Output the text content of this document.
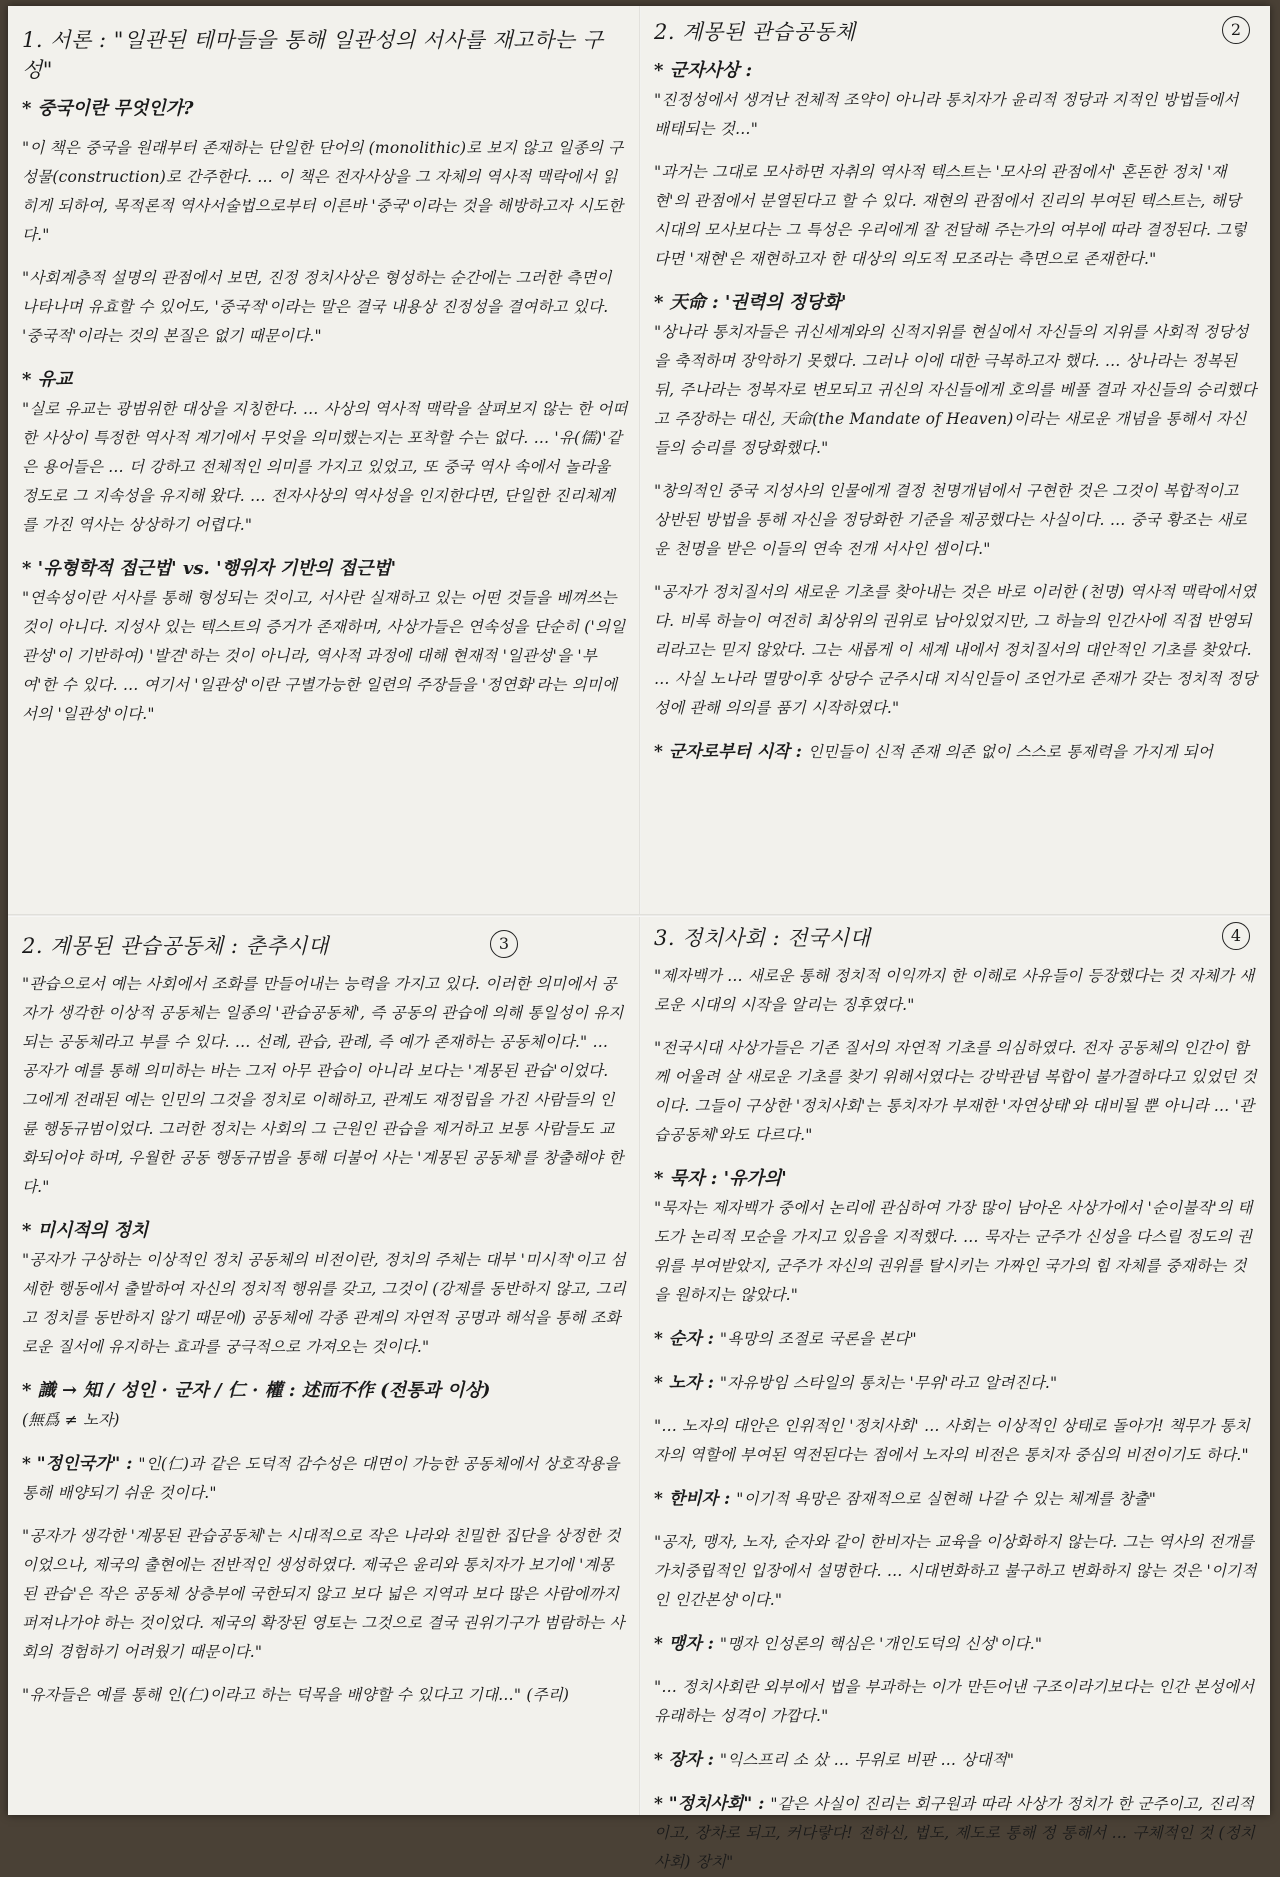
1. 서론 : "일관된 테마들을 통해 일관성의 서사를 재고하는 구성"
* 중국이란 무엇인가?
"이 책은 중국을 원래부터 존재하는 단일한 단어의 (monolithic)로 보지 않고 일종의 구성물(construction)로 간주한다. … 이 책은 전자사상을 그 자체의 역사적 맥락에서 읽히게 되하여, 목적론적 역사서술법으로부터 이른바 '중국'이라는 것을 해방하고자 시도한다."
"사회계층적 설명의 관점에서 보면, 진정 정치사상은 형성하는 순간에는 그러한 측면이 나타나며 유효할 수 있어도, '중국적'이라는 말은 결국 내용상 진정성을 결여하고 있다. '중국적'이라는 것의 본질은 없기 때문이다."
* 유교
"실로 유교는 광범위한 대상을 지칭한다. … 사상의 역사적 맥락을 살펴보지 않는 한 어떠한 사상이 특정한 역사적 계기에서 무엇을 의미했는지는 포착할 수는 없다. … '유(儒)'같은 용어들은 … 더 강하고 전체적인 의미를 가지고 있었고, 또 중국 역사 속에서 놀라울 정도로 그 지속성을 유지해 왔다. … 전자사상의 역사성을 인지한다면, 단일한 진리체계를 가진 역사는 상상하기 어렵다."
* '유형학적 접근법' vs. '행위자 기반의 접근법'
"연속성이란 서사를 통해 형성되는 것이고, 서사란 실재하고 있는 어떤 것들을 베껴쓰는 것이 아니다. 지성사 있는 텍스트의 증거가 존재하며, 사상가들은 연속성을 단순히 ('의일관성'이 기반하여) '발견'하는 것이 아니라, 역사적 과정에 대해 현재적 '일관성'을 '부여'한 수 있다. … 여기서 '일관성'이란 구별가능한 일련의 주장들을 '정연화'라는 의미에서의 '일관성'이다."
2
2. 계몽된 관습공동체
* 군자사상 :
"진정성에서 생겨난 전체적 조약이 아니라 통치자가 윤리적 정당과 지적인 방법들에서 배태되는 것…"
"과거는 그대로 모사하면 자취의 역사적 텍스트는 '모사의 관점에서' 혼돈한 정치 '재현'의 관점에서 분열된다고 할 수 있다. 재현의 관점에서 진리의 부여된 텍스트는, 해당 시대의 모사보다는 그 특성은 우리에게 잘 전달해 주는가의 여부에 따라 결정된다. 그렇다면 '재현'은 재현하고자 한 대상의 의도적 모조라는 측면으로 존재한다."
* 天命 : '권력의 정당화'
"상나라 통치자들은 귀신세계와의 신적지위를 현실에서 자신들의 지위를 사회적 정당성을 축적하며 장악하기 못했다. 그러나 이에 대한 극복하고자 했다. … 상나라는 정복된 뒤, 주나라는 정복자로 변모되고 귀신의 자신들에게 호의를 베풀 결과 자신들의 승리했다고 주장하는 대신, 天命(the Mandate of Heaven)이라는 새로운 개념을 통해서 자신들의 승리를 정당화했다."
"창의적인 중국 지성사의 인물에게 결정 천명개념에서 구현한 것은 그것이 복합적이고 상반된 방법을 통해 자신을 정당화한 기준을 제공했다는 사실이다. … 중국 황조는 새로운 천명을 받은 이들의 연속 전개 서사인 셈이다."
"공자가 정치질서의 새로운 기초를 찾아내는 것은 바로 이러한 (천명) 역사적 맥락에서였다. 비록 하늘이 여전히 최상위의 권위로 남아있었지만, 그 하늘의 인간사에 직접 반영되리라고는 믿지 않았다. 그는 새롭게 이 세계 내에서 정치질서의 대안적인 기초를 찾았다. … 사실 노나라 멸망이후 상당수 군주시대 지식인들이 조언가로 존재가 갖는 정치적 정당성에 관해 의의를 품기 시작하였다."
* 군자로부터 시작 : 인민들이 신적 존재 의존 없이 스스로 통제력을 가지게 되어
3
2. 계몽된 관습공동체 : 춘추시대
"관습으로서 예는 사회에서 조화를 만들어내는 능력을 가지고 있다. 이러한 의미에서 공자가 생각한 이상적 공동체는 일종의 '관습공동체', 즉 공동의 관습에 의해 통일성이 유지되는 공동체라고 부를 수 있다. … 선례, 관습, 관례, 즉 예가 존재하는 공동체이다." … 공자가 예를 통해 의미하는 바는 그저 아무 관습이 아니라 보다는 '계몽된 관습'이었다. 그에게 전래된 예는 인민의 그것을 정치로 이해하고, 관계도 재정립을 가진 사람들의 인륜 행동규범이었다. 그러한 정치는 사회의 그 근원인 관습을 제거하고 보통 사람들도 교화되어야 하며, 우월한 공동 행동규범을 통해 더불어 사는 '계몽된 공동체'를 창출해야 한다."
* 미시적의 정치
"공자가 구상하는 이상적인 정치 공동체의 비전이란, 정치의 주체는 대부 '미시적'이고 섬세한 행동에서 출발하여 자신의 정치적 행위를 갖고, 그것이 (강제를 동반하지 않고, 그리고 정치를 동반하지 않기 때문에) 공동체에 각종 관계의 자연적 공명과 해석을 통해 조화로운 질서에 유지하는 효과를 궁극적으로 가져오는 것이다."
* 識 → 知 / 성인 · 군자 / 仁 · 權 : 述而不作 (전통과 이상)
(無爲 ≠ 노자)
* "정인국가" : "인(仁)과 같은 도덕적 감수성은 대면이 가능한 공동체에서 상호작용을 통해 배양되기 쉬운 것이다."
"공자가 생각한 '계몽된 관습공동체'는 시대적으로 작은 나라와 친밀한 집단을 상정한 것이었으나, 제국의 출현에는 전반적인 생성하였다. 제국은 윤리와 통치자가 보기에 '계몽된 관습'은 작은 공동체 상층부에 국한되지 않고 보다 넓은 지역과 보다 많은 사람에까지 퍼져나가야 하는 것이었다. 제국의 확장된 영토는 그것으로 결국 권위기구가 범람하는 사회의 경험하기 어려웠기 때문이다."
"유자들은 예를 통해 인(仁)이라고 하는 덕목을 배양할 수 있다고 기대…" (주리)
4
3. 정치사회 : 전국시대
"제자백가 … 새로운 통해 정치적 이익까지 한 이해로 사유들이 등장했다는 것 자체가 새로운 시대의 시작을 알리는 징후였다."
"전국시대 사상가들은 기존 질서의 자연적 기초를 의심하였다. 전자 공동체의 인간이 함께 어울려 살 새로운 기초를 찾기 위해서였다는 강박관념 복합이 불가결하다고 있었던 것이다. 그들이 구상한 '정치사회'는 통치자가 부재한 '자연상태'와 대비될 뿐 아니라 … '관습공동체'와도 다르다."
* 묵자 : '유가의'
"묵자는 제자백가 중에서 논리에 관심하여 가장 많이 남아온 사상가에서 '순이불작'의 태도가 논리적 모순을 가지고 있음을 지적했다. … 묵자는 군주가 신성을 다스릴 정도의 권위를 부여받았지, 군주가 자신의 권위를 탈시키는 가짜인 국가의 힘 자체를 중재하는 것을 원하지는 않았다."
* 순자 : "욕망의 조절로 국론을 본다"
* 노자 : "자유방임 스타일의 통치는 '무위'라고 알려진다."
"… 노자의 대안은 인위적인 '정치사회' … 사회는 이상적인 상태로 돌아가! 책무가 통치자의 역할에 부여된 역전된다는 점에서 노자의 비전은 통치자 중심의 비전이기도 하다."
* 한비자 : "이기적 욕망은 잠재적으로 실현해 나갈 수 있는 체계를 창출"
"공자, 맹자, 노자, 순자와 같이 한비자는 교육을 이상화하지 않는다. 그는 역사의 전개를 가치중립적인 입장에서 설명한다. … 시대변화하고 불구하고 변화하지 않는 것은 '이기적인 인간본성'이다."
* 맹자 : "맹자 인성론의 핵심은 '개인도덕의 신성'이다."
"… 정치사회란 외부에서 법을 부과하는 이가 만든어낸 구조이라기보다는 인간 본성에서 유래하는 성격이 가깝다."
* 장자 : "익스프리 소 샀 … 무위로 비판 … 상대적"
* "정치사회" : "같은 사실이 진리는 회구원과 따라 사상가 정치가 한 군주이고, 진리적이고, 장차로 되고, 커다랗다! 전하신, 법도, 제도로 통해 정 통해서 … 구체적인 것 (정치사회) 장치"
